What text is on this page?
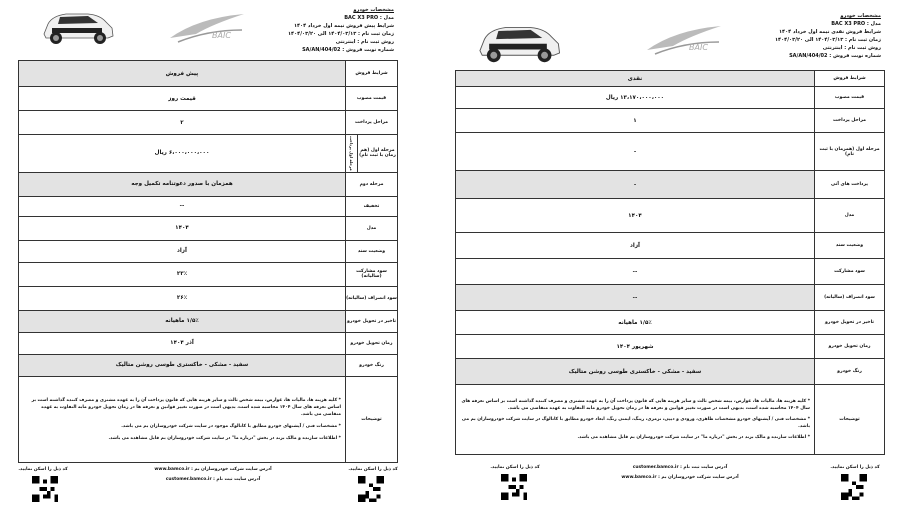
BAIC
مشخصات خودرو
مدل : BAC X3 PRO
شرایط پیش فروش نیمه اول خرداد ۱۴۰۴
زمان ثبت نام : ۱۴۰۴/۰۳/۱۳ الی ۱۴۰۴/۰۳/۲۰
روش ثبت نام : اینترنتی
شماره نوبت فروش : SA/AN/404/02
شرایط فروش		پیش فروش
قیمت مصوب		قیمت روز
مراحل پرداخت		۲
مرحله اول (هم زمان با ثبت نام)	مرحله اول پرداخت	۶،۰۰۰،۰۰۰،۰۰۰ ریال
مرحله دوم		همزمان با صدور دعوتنامه تکمیل وجه
تخفیف		--
مدل		۱۴۰۴
وضعیت سند		آزاد
سود مشارکت (سالیانه)		۲۳٪
سود انصراف (سالیانه)		۲۶٪
تاخیر در تحویل خودرو		۱/۵٪ ماهیانه
زمان تحویل خودرو		آذر ۱۴۰۴
رنگ خودرو		سفید - مشکی - خاکستری طوسی روشن متالیک
توضیحات		* کلیه هزینه ها، مالیات ها، عوارض، بیمه شخص ثالث و سایر هزینه هایی که قانون پرداخت آن را به عهده مشتری و مصرف کننده گذاشته است بر اساس تعرفه های سال ۱۴۰۴ محاسبه شده است، بدیهی است در صورت تغییر قوانین و تعرفه ها در زمان تحویل خودرو مابه التفاوت به عهده متقاضی می باشد.
* مشخصات فنی / آپشنهای خودرو مطابق با کاتالوگ موجود در سایت شرکت خودروسازان بم می باشد.
* اطلاعات سازنده و مالک برند در بخش "درباره ما" در سایت شرکت خودروسازان بم قابل مشاهده می باشد.
کد ذیل را اسکن نمایید.
کد ذیل را اسکن نمایید.	آدرس سایت شرکت خودروسازان بم : www.bamco.ir
آدرس سایت ثبت نام : customer.bamco.ir
BAIC
مشخصات خودرو
مدل : BAC X3 PRO
شرایط فروش نقدی نیمه اول خرداد ۱۴۰۴
زمان ثبت نام : ۱۴۰۴/۰۳/۱۳ الی ۱۴۰۴/۰۳/۲۰
روش ثبت نام : اینترنتی
شماره نوبت فروش : SA/AN/404/02
شرایط فروش	نقدی
قیمت مصوب	۱۳،۱۷۰،۰۰۰،۰۰۰ ریال
مراحل پرداخت	۱
مرحله اول (همزمان با ثبت نام)	-
پرداخت های آتی	-
مدل	۱۴۰۴
وضعیت سند	آزاد
سود مشارکت	--
سود انصراف (سالیانه)	--
تاخیر در تحویل خودرو	۱/۵٪ ماهیانه
زمان تحویل خودرو	شهریور ۱۴۰۴
رنگ خودرو	سفید - مشکی - خاکستری طوسی روشن متالیک
توضیحات	* کلیه هزینه ها، مالیات ها، عوارض، بیمه شخص ثالث و سایر هزینه هایی که قانون پرداخت آن را به عهده مشتری و مصرف کننده گذاشته است بر اساس تعرفه های سال ۱۴۰۴ محاسبه شده است، بدیهی است در صورت تغییر قوانین و تعرفه ها در زمان تحویل خودرو مابه التفاوت به عهده متقاضی می باشد.
* مشخصات فنی / آپشنهای خودرو مشخصات ظاهری، ورودی و دیپی، ترمزی، رینگ، ایمنی رنگ، ابعاد خودرو مطابق با کاتالوگ در سایت شرکت خودروسازان بم می باشد.
* اطلاعات سازنده و مالک برند در بخش "درباره ما" در سایت شرکت خودروسازان بم قابل مشاهده می باشد.
کد ذیل را اسکن نمایید.
کد ذیل را اسکن نمایید.	آدرس سایت ثبت نام : customer.bamco.ir
آدرس سایت شرکت خودروسازان بم : www.bamco.ir
